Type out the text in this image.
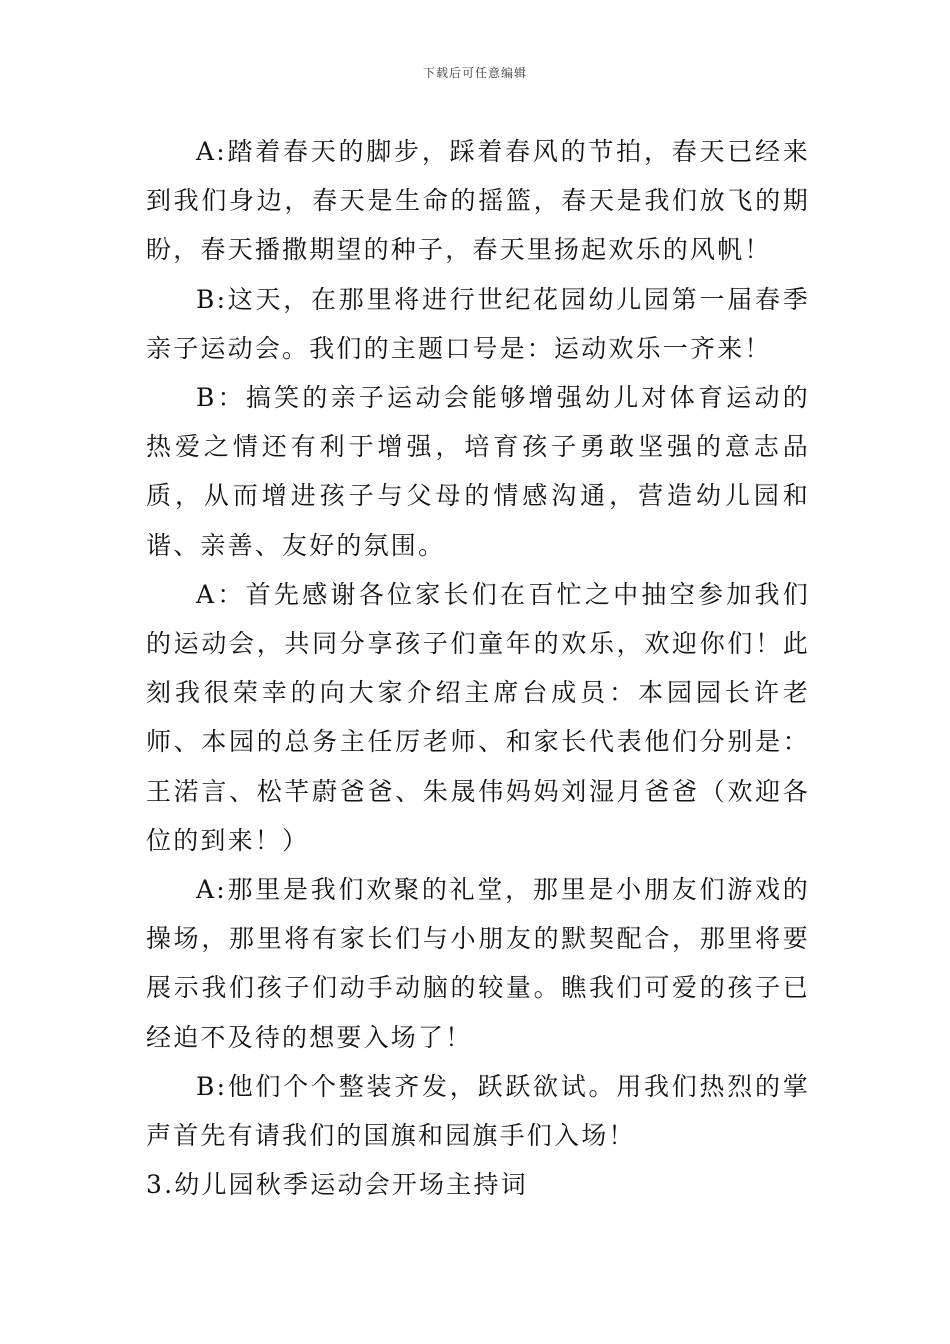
下载后可任意编辑

A:踏着春天的脚步，踩着春风的节拍，春天已经来到我们身边，春天是生命的摇篮，春天是我们放飞的期盼，春天播撒期望的种子，春天里扬起欢乐的风帆！

B:这天，在那里将进行世纪花园幼儿园第一届春季亲子运动会。我们的主题口号是：运动欢乐一齐来！

B：搞笑的亲子运动会能够增强幼儿对体育运动的热爱之情还有利于增强，培育孩子勇敢坚强的意志品质，从而增进孩子与父母的情感沟通，营造幼儿园和谐、亲善、友好的氛围。

A：首先感谢各位家长们在百忙之中抽空参加我们的运动会，共同分享孩子们童年的欢乐，欢迎你们！此刻我很荣幸的向大家介绍主席台成员：本园园长许老师、本园的总务主任厉老师、和家长代表他们分别是：王渃言、松芊蔚爸爸、朱晟伟妈妈刘湿月爸爸（欢迎各位的到来！）

A:那里是我们欢聚的礼堂，那里是小朋友们游戏的操场，那里将有家长们与小朋友的默契配合，那里将要展示我们孩子们动手动脑的较量。瞧我们可爱的孩子已经迫不及待的想要入场了！

B:他们个个整装齐发，跃跃欲试。用我们热烈的掌声首先有请我们的国旗和园旗手们入场！

3.幼儿园秋季运动会开场主持词
